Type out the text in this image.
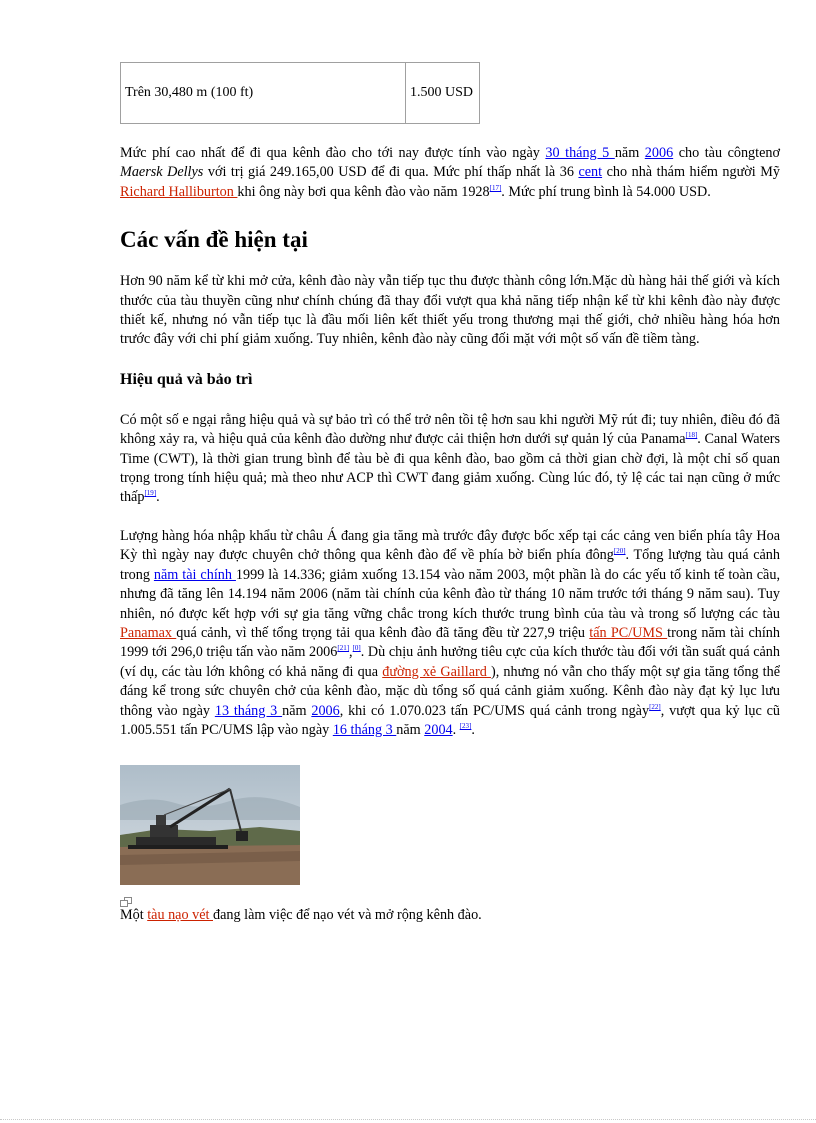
Trên 30,480 m (100 ft)	1.500 USD

Mức phí cao nhất để đi qua kênh đào cho tới nay được tính vào ngày 30 tháng 5 năm 2006 cho tàu côngtenơ Maersk Dellys với trị giá 249.165,00 USD để đi qua. Mức phí thấp nhất là 36 cent cho nhà thám hiểm người Mỹ Richard Halliburton khi ông này bơi qua kênh đào vào năm 1928[17]. Mức phí trung bình là 54.000 USD.

Các vấn đề hiện tại

Hơn 90 năm kể từ khi mở cửa, kênh đào này vẫn tiếp tục thu được thành công lớn.Mặc dù hàng hải thế giới và kích thước của tàu thuyền cũng như chính chúng đã thay đổi vượt qua khả năng tiếp nhận kể từ khi kênh đào này được thiết kế, nhưng nó vẫn tiếp tục là đầu mối liên kết thiết yếu trong thương mại thế giới, chở nhiều hàng hóa hơn trước đây với chi phí giảm xuống. Tuy nhiên, kênh đào này cũng đối mặt với một số vấn đề tiềm tàng.

Hiệu quả và bảo trì

Có một số e ngại rằng hiệu quả và sự bảo trì có thể trở nên tồi tệ hơn sau khi người Mỹ rút đi; tuy nhiên, điều đó đã không xảy ra, và hiệu quả của kênh đào dường như được cải thiện hơn dưới sự quản lý của Panama[18]. Canal Waters Time (CWT), là thời gian trung bình để tàu bè đi qua kênh đào, bao gồm cả thời gian chờ đợi, là một chỉ số quan trọng trong tính hiệu quả; mà theo như ACP thì CWT đang giảm xuống. Cùng lúc đó, tỷ lệ các tai nạn cũng ở mức thấp[19].

Lượng hàng hóa nhập khẩu từ châu Á đang gia tăng mà trước đây được bốc xếp tại các cảng ven biển phía tây Hoa Kỳ thì ngày nay được chuyên chở thông qua kênh đào để về phía bờ biển phía đông[20]. Tổng lượng tàu quá cảnh trong năm tài chính 1999 là 14.336; giảm xuống 13.154 vào năm 2003, một phần là do các yếu tố kinh tế toàn cầu, nhưng đã tăng lên 14.194 năm 2006 (năm tài chính của kênh đào từ tháng 10 năm trước tới tháng 9 năm sau). Tuy nhiên, nó được kết hợp với sự gia tăng vững chắc trong kích thước trung bình của tàu và trong số lượng các tàu Panamax quá cảnh, vì thế tổng trọng tải qua kênh đào đã tăng đều từ 227,9 triệu tấn PC/UMS trong năm tài chính 1999 tới 296,0 triệu tấn vào năm 2006[21],[0]. Dù chịu ảnh hưởng tiêu cực của kích thước tàu đối với tần suất quá cảnh (ví dụ, các tàu lớn không có khả năng đi qua đường xẻ Gaillard ), nhưng nó vẫn cho thấy một sự gia tăng tổng thể đáng kể trong sức chuyên chở của kênh đào, mặc dù tổng số quá cảnh giảm xuống. Kênh đào này đạt kỷ lục lưu thông vào ngày 13 tháng 3 năm 2006, khi có 1.070.023 tấn PC/UMS quá cảnh trong ngày[22], vượt qua kỷ lục cũ 1.005.551 tấn PC/UMS lập vào ngày 16 tháng 3 năm 2004. [23].

Một tàu nạo vét đang làm việc để nạo vét và mở rộng kênh đào.
